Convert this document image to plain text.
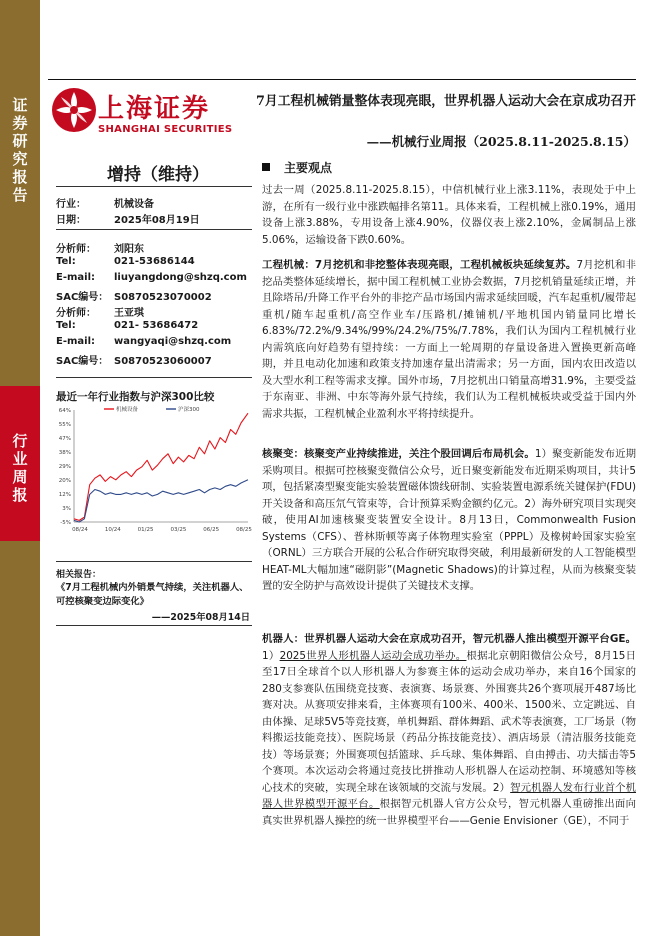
证
券
研
究
报
告
行
业
周
报
上海证券
SHANGHAI SECURITIES
7月工程机械销量整体表现亮眼，世界机器人运动大会在京成功召开
——机械行业周报（2025.8.11-2025.8.15）
增持（维持）
行业：	机械设备
日期：	2025年08月19日
分析师： 刘阳东
Tel:	021-53686144
E-mail: liuyangdong@shzq.com
SAC编号： S0870523070002
分析师： 王亚琪
Tel:	021- 53686472
E-mail: wangyaqi@shzq.com
SAC编号： S0870523060007
最近一年行业指数与沪深300比较
64%
55%
47%
38%
29%
20%
12%
3%
-5%
08/24	10/24	01/25	03/25	06/25	08/25
机械设备	沪深300
相关报告：
《7月工程机械内外销景气持续，关注机器人、可控核聚变边际变化》
——2025年08月14日
主要观点
过去一周（2025.8.11-2025.8.15），中信机械行业上涨3.11%，表现处于中上游，在所有一级行业中涨跌幅排名第11。具体来看，工程机械上涨0.19%，通用设备上涨3.88%，专用设备上涨4.90%，仪器仪表上涨2.10%，金属制品上涨5.06%，运输设备下跌0.60%。
工程机械：7月挖机和非挖整体表现亮眼，工程机械板块延续复苏。7月挖机和非挖品类整体延续增长，据中国工程机械工业协会数据，7月挖机销量延续正增，并且除塔吊/升降工作平台外的非挖产品市场国内需求延续回暖，汽车起重机/履带起重机/随车起重机/高空作业车/压路机/摊铺机/平地机国内销量同比增长6.83%/72.2%/9.34%/99%/24.2%/75%/7.78%，我们认为国内工程机械行业内需筑底向好趋势有望持续：一方面上一轮周期的存量设备进入置换更新高峰期，并且电动化加速和政策支持加速存量出清需求；另一方面，国内农田改造以及大型水利工程等需求支撑。国外市场，7月挖机出口销量高增31.9%，主要受益于东南亚、非洲、中东等海外景气持续，我们认为工程机械板块或受益于国内外需求共振，工程机械企业盈利水平将持续提升。
核聚变：核聚变产业持续推进，关注个股回调后布局机会。1）聚变新能发布近期采购项目。根据可控核聚变微信公众号，近日聚变新能发布近期采购项目，共计5项，包括紧凑型聚变能实验装置磁体馈线研制、实验装置电源系统关键保护(FDU)开关设备和高压氘气管束等，合计预算采购金额约亿元。2）海外研究项目实现突破，使用AI加速核聚变装置安全设计。8月13日，Commonwealth Fusion Systems（CFS）、普林斯顿等离子体物理实验室（PPPL）及橡树岭国家实验室（ORNL）三方联合开展的公私合作研究取得突破，利用最新研发的人工智能模型HEAT-ML大幅加速“磁阴影”(Magnetic Shadows)的计算过程，从而为核聚变装置的安全防护与高效设计提供了关键技术支撑。
机器人：世界机器人运动大会在京成功召开，智元机器人推出模型开源平台GE。1）2025世界人形机器人运动会成功举办。根据北京朝阳微信公众号，8月15日至17日全球首个以人形机器人为参赛主体的运动会成功举办，来自16个国家的280支参赛队伍围绕竞技赛、表演赛、场景赛、外围赛共26个赛项展开487场比赛对决。从赛项安排来看，主体赛项有100米、400米、1500米、立定跳远、自由体操、足球5V5等竞技赛，单机舞蹈、群体舞蹈、武术等表演赛，工厂场景（物料搬运技能竞技）、医院场景（药品分拣技能竞技）、酒店场景（清洁服务技能竞技）等场景赛；外围赛项包括篮球、乒乓球、集体舞蹈、自由搏击、功夫擂击等5个赛项。本次运动会将通过竞技比拼推动人形机器人在运动控制、环境感知等核心技术的突破，实现全球在该领域的交流与发展。2）智元机器人发布行业首个机器人世界模型开源平台。根据智元机器人官方公众号，智元机器人重磅推出面向真实世界机器人操控的统一世界模型平台——Genie Envisioner（GE），不同于
